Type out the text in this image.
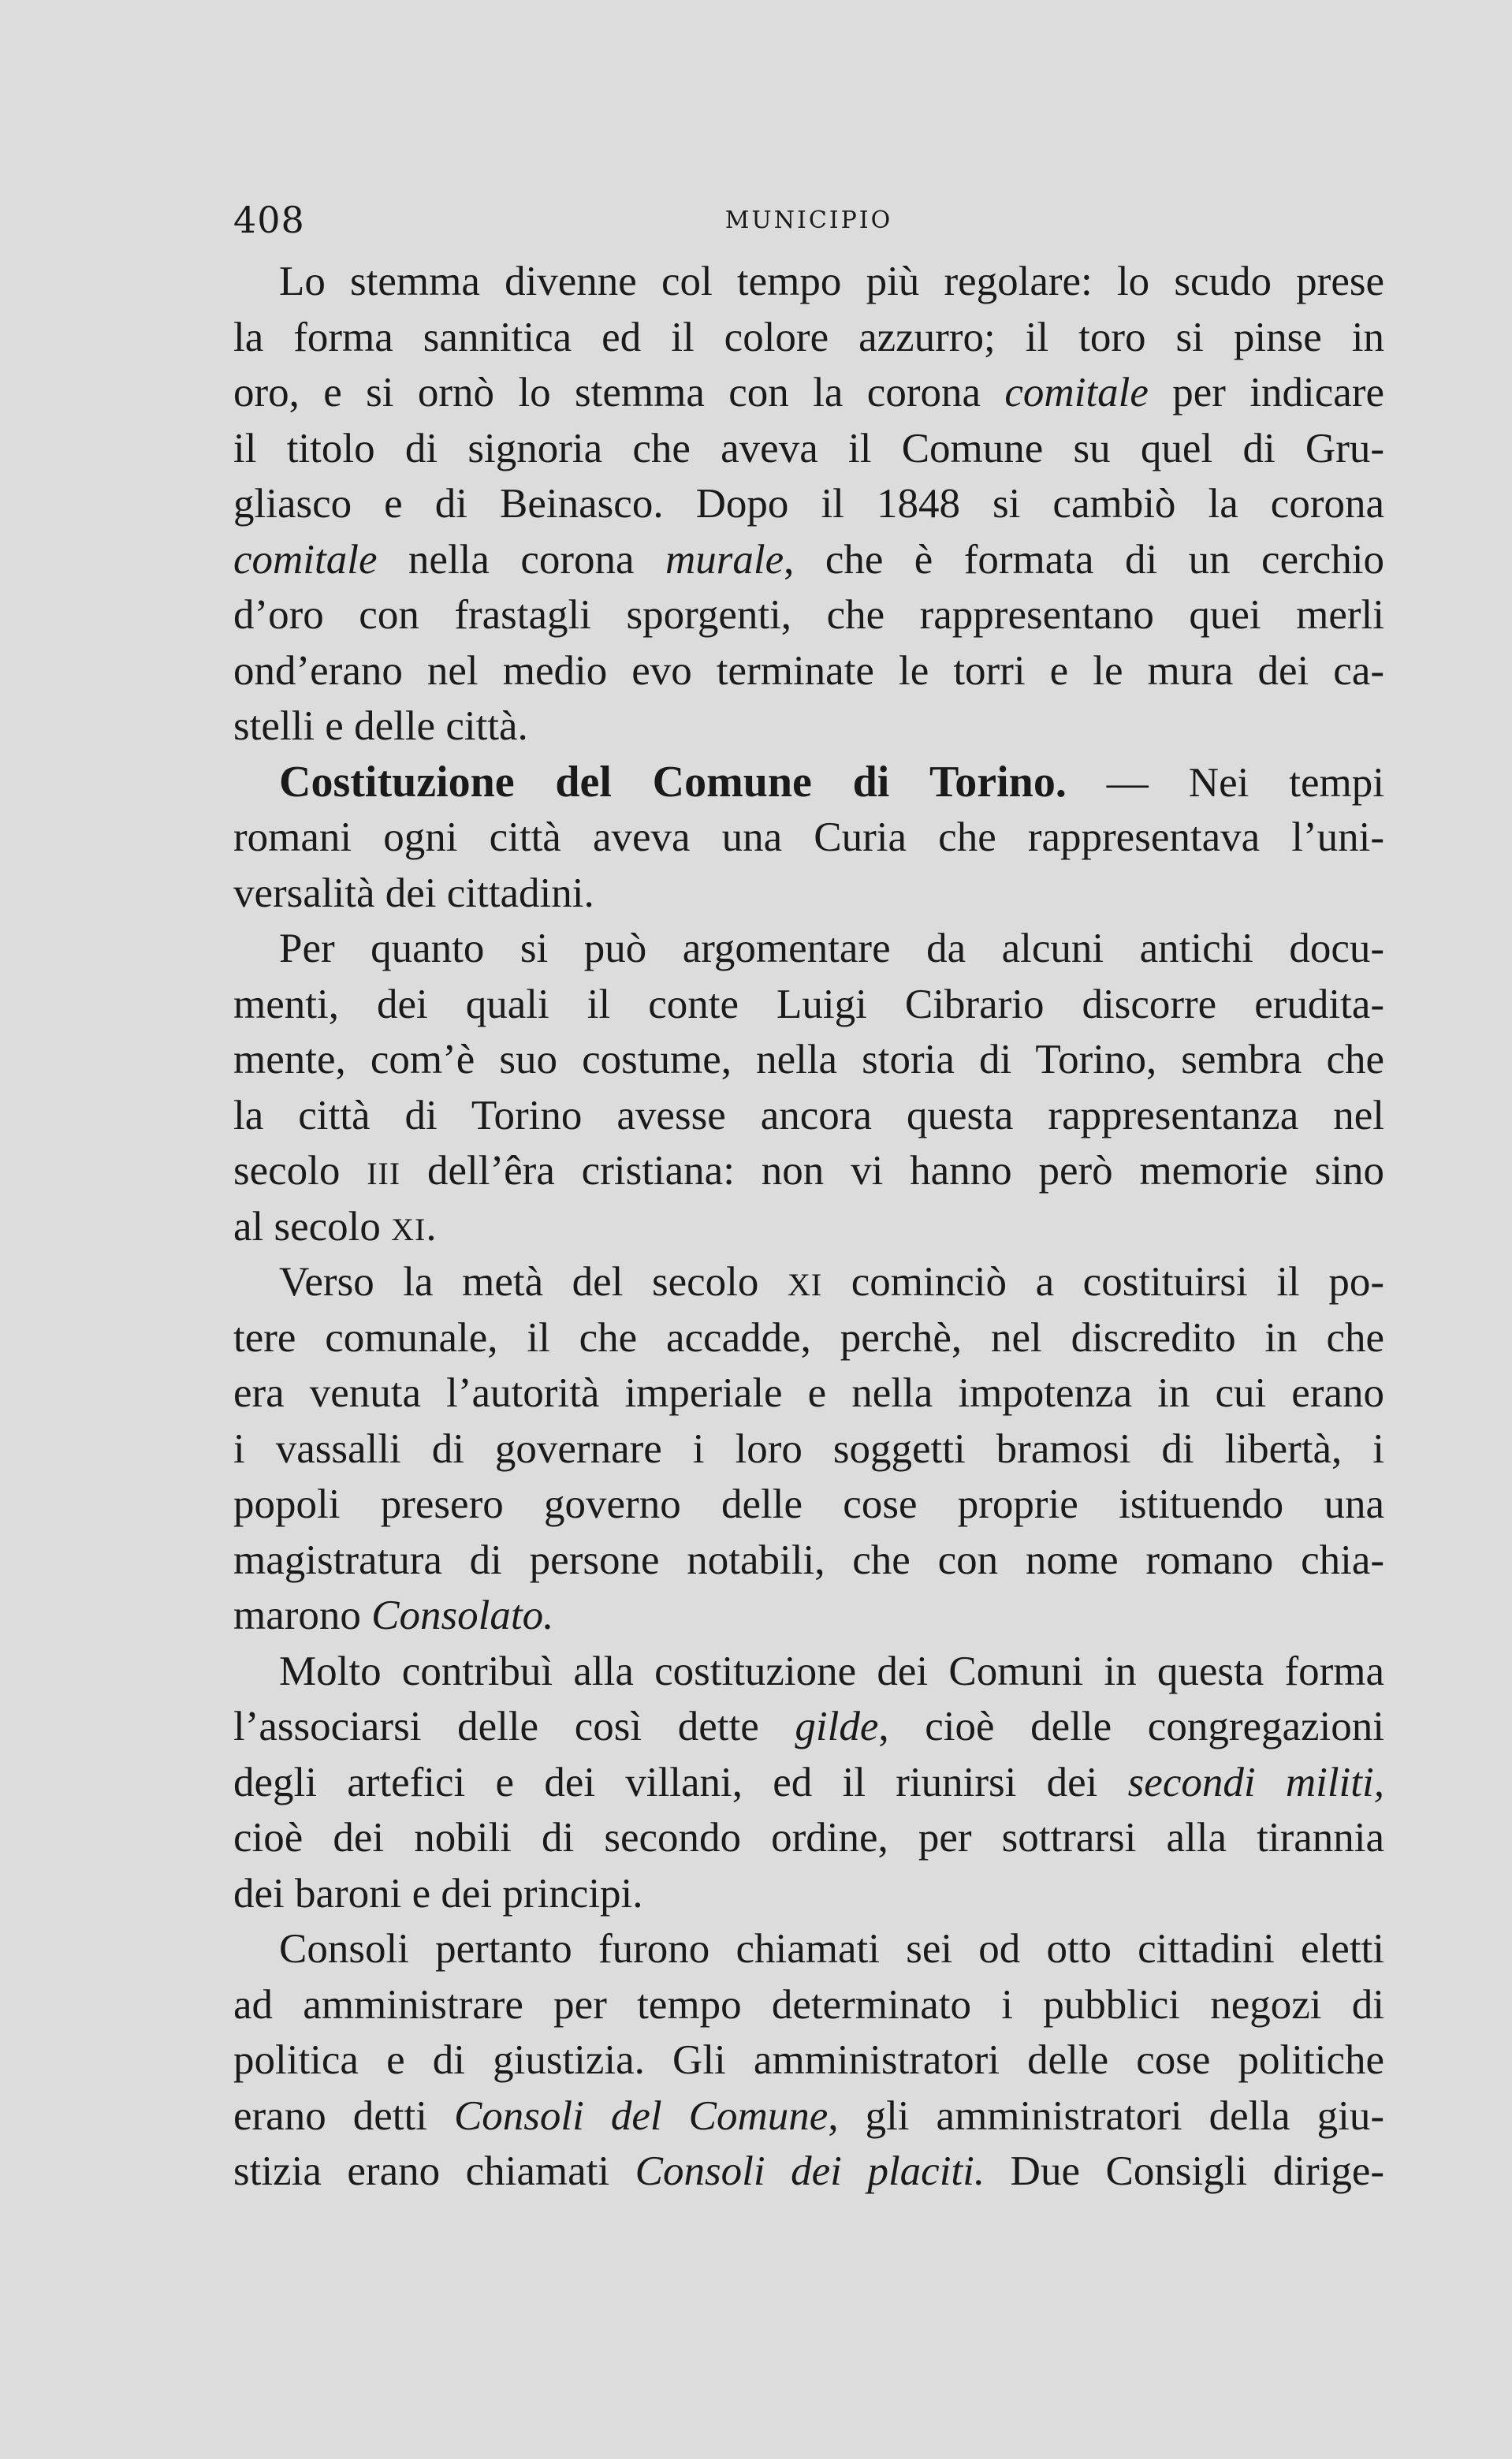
408	MUNICIPIO
Lo stemma divenne col tempo più regolare: lo scudo prese
la forma sannitica ed il colore azzurro; il toro si pinse in
oro, e si ornò lo stemma con la corona comitale per indicare
il titolo di signoria che aveva il Comune su quel di Gru-
gliasco e di Beinasco. Dopo il 1848 si cambiò la corona
comitale nella corona murale, che è formata di un cerchio
d’oro con frastagli sporgenti, che rappresentano quei merli
ond’erano nel medio evo terminate le torri e le mura dei ca-
stelli e delle città.
Costituzione del Comune di Torino. — Nei tempi
romani ogni città aveva una Curia che rappresentava l’uni-
versalità dei cittadini.
Per quanto si può argomentare da alcuni antichi docu-
menti, dei quali il conte Luigi Cibrario discorre erudita-
mente, com’è suo costume, nella storia di Torino, sembra che
la città di Torino avesse ancora questa rappresentanza nel
secolo III dell’êra cristiana: non vi hanno però memorie sino
al secolo XI.
Verso la metà del secolo XI cominciò a costituirsi il po-
tere comunale, il che accadde, perchè, nel discredito in che
era venuta l’autorità imperiale e nella impotenza in cui erano
i vassalli di governare i loro soggetti bramosi di libertà, i
popoli presero governo delle cose proprie istituendo una
magistratura di persone notabili, che con nome romano chia-
marono Consolato.
Molto contribuì alla costituzione dei Comuni in questa forma
l’associarsi delle così dette gilde, cioè delle congregazioni
degli artefici e dei villani, ed il riunirsi dei secondi militi,
cioè dei nobili di secondo ordine, per sottrarsi alla tirannia
dei baroni e dei principi.
Consoli pertanto furono chiamati sei od otto cittadini eletti
ad amministrare per tempo determinato i pubblici negozi di
politica e di giustizia. Gli amministratori delle cose politiche
erano detti Consoli del Comune, gli amministratori della giu-
stizia erano chiamati Consoli dei placiti. Due Consigli dirige-
